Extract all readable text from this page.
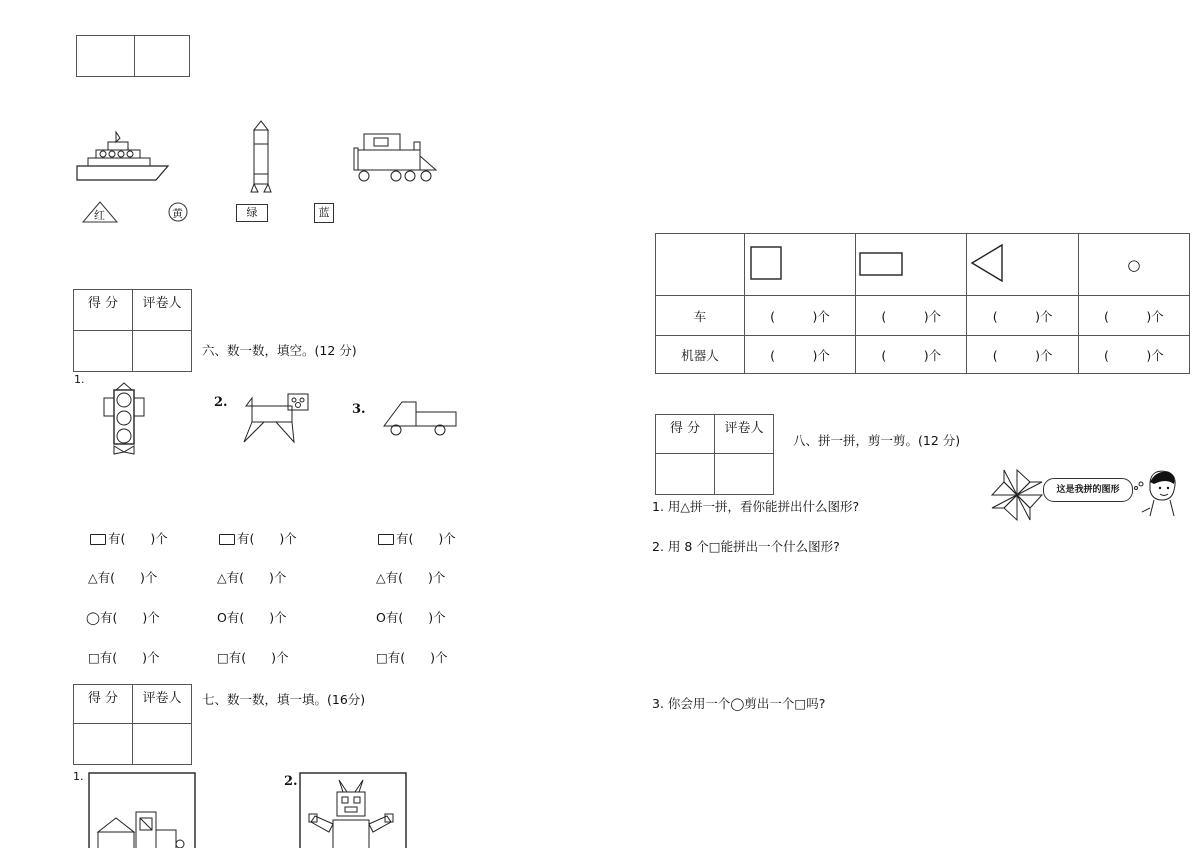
红	黄	绿	蓝
得 分	评卷人

六、数一数，填空。(12 分)
1.
2.	3.
有(　　)个	有(　　)个	有(　　)个
△有(　　)个	△有(　　)个	△有(　　)个
◯有(　　)个	O有(　　)个	O有(　　)个
□有(　　)个	□有(　　)个	□有(　　)个
得 分	评卷人
	七、数一数，填一填。(16分)
1.	2.
				○
车	(　　　)个	(　　　)个	(　　　)个	(　　　)个
机器人	(　　　)个	(　　　)个	(　　　)个	(　　　)个
得 分	评卷人

八、拼一拼，剪一剪。(12 分)
这是我拼的图形
1. 用△拼一拼，看你能拼出什么图形?
2. 用 8 个□能拼出一个什么图形?
3. 你会用一个◯剪出一个□吗?
